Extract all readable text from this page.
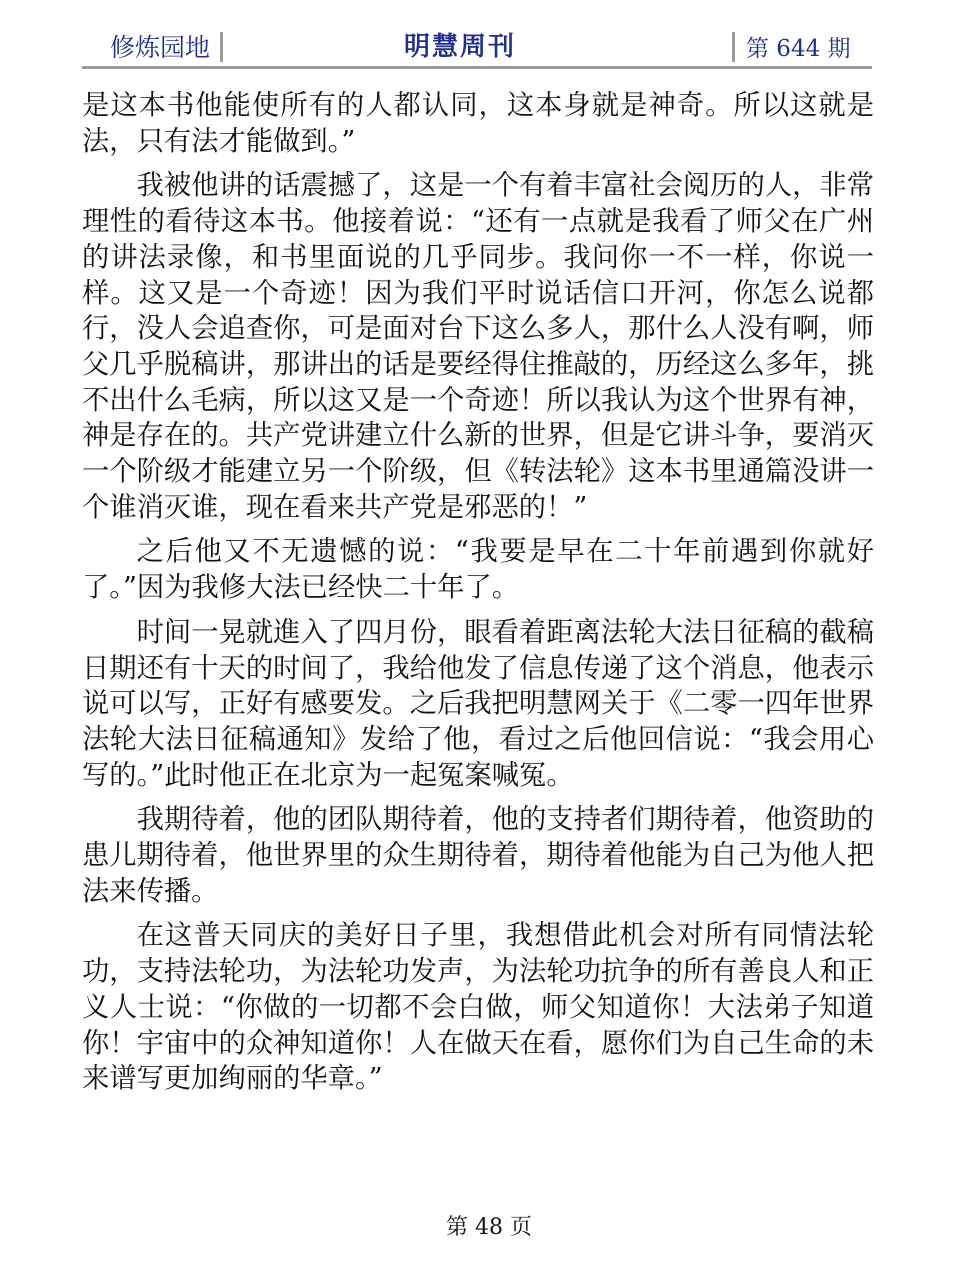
修炼园地	明慧周刊	第 644 期

是这本书他能使所有的人都认同，这本身就是神奇。所以这就是法，只有法才能做到。”

我被他讲的话震撼了，这是一个有着丰富社会阅历的人，非常理性的看待这本书。他接着说：“还有一点就是我看了师父在广州的讲法录像，和书里面说的几乎同步。我问你一不一样，你说一样。这又是一个奇迹！因为我们平时说话信口开河，你怎么说都行，没人会追查你，可是面对台下这么多人，那什么人没有啊，师父几乎脱稿讲，那讲出的话是要经得住推敲的，历经这么多年，挑不出什么毛病，所以这又是一个奇迹！所以我认为这个世界有神，神是存在的。共产党讲建立什么新的世界，但是它讲斗争，要消灭一个阶级才能建立另一个阶级，但《转法轮》这本书里通篇没讲一个谁消灭谁，现在看来共产党是邪恶的！”

之后他又不无遗憾的说：“我要是早在二十年前遇到你就好了。”因为我修大法已经快二十年了。

时间一晃就進入了四月份，眼看着距离法轮大法日征稿的截稿日期还有十天的时间了，我给他发了信息传递了这个消息，他表示说可以写，正好有感要发。之后我把明慧网关于《二零一四年世界法轮大法日征稿通知》发给了他，看过之后他回信说：“我会用心写的。”此时他正在北京为一起冤案喊冤。

我期待着，他的团队期待着，他的支持者们期待着，他资助的患儿期待着，他世界里的众生期待着，期待着他能为自己为他人把法来传播。

在这普天同庆的美好日子里，我想借此机会对所有同情法轮功，支持法轮功，为法轮功发声，为法轮功抗争的所有善良人和正义人士说：“你做的一切都不会白做，师父知道你！大法弟子知道你！宇宙中的众神知道你！人在做天在看，愿你们为自己生命的未来谱写更加绚丽的华章。”

第 48 页
